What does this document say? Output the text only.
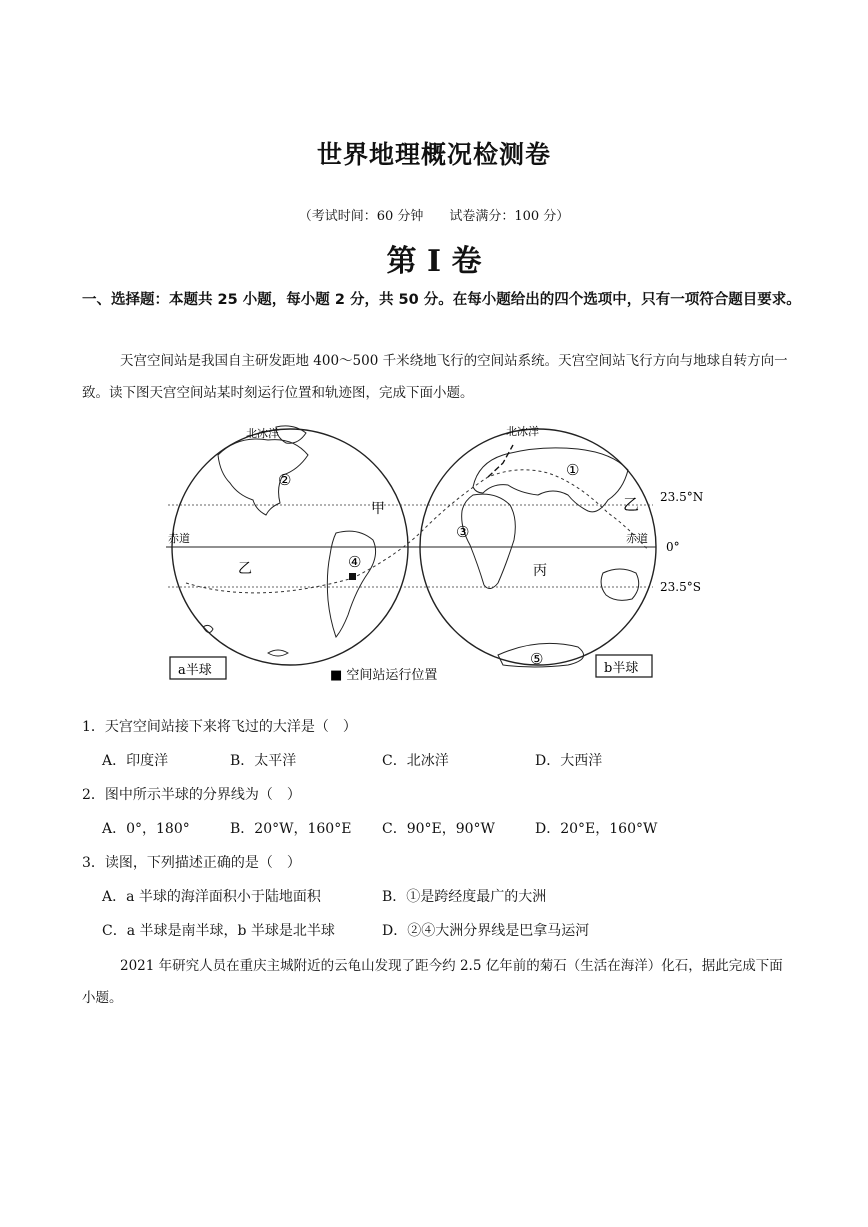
世界地理概况检测卷
（考试时间：60 分钟　　试卷满分：100 分）
第 I 卷
一、选择题：本题共 25 小题，每小题 2 分，共 50 分。在每小题给出的四个选项中，只有一项符合题目要求。
天宫空间站是我国自主研发距地 400～500 千米绕地飞行的空间站系统。天宫空间站飞行方向与地球自转方向一致。读下图天宫空间站某时刻运行位置和轨迹图，完成下面小题。
北冰洋	北冰洋
甲
乙
乙
丙
赤道	赤道
23.5°N
0°
23.5°S
①
②
③
④
⑤
a半球	b半球
■ 空间站运行位置
1．天宫空间站接下来将飞过的大洋是（　）
A．印度洋	B．太平洋	C．北冰洋	D．大西洋
2．图中所示半球的分界线为（　）
A．0°，180°	B．20°W，160°E C．90°E，90°W	D．20°E，160°W
3．读图，下列描述正确的是（　）
A．a 半球的海洋面积小于陆地面积	B．①是跨经度最广的大洲
C．a 半球是南半球，b 半球是北半球	D．②④大洲分界线是巴拿马运河
2021 年研究人员在重庆主城附近的云龟山发现了距今约 2.5 亿年前的菊石（生活在海洋）化石，据此完成下面小题。
